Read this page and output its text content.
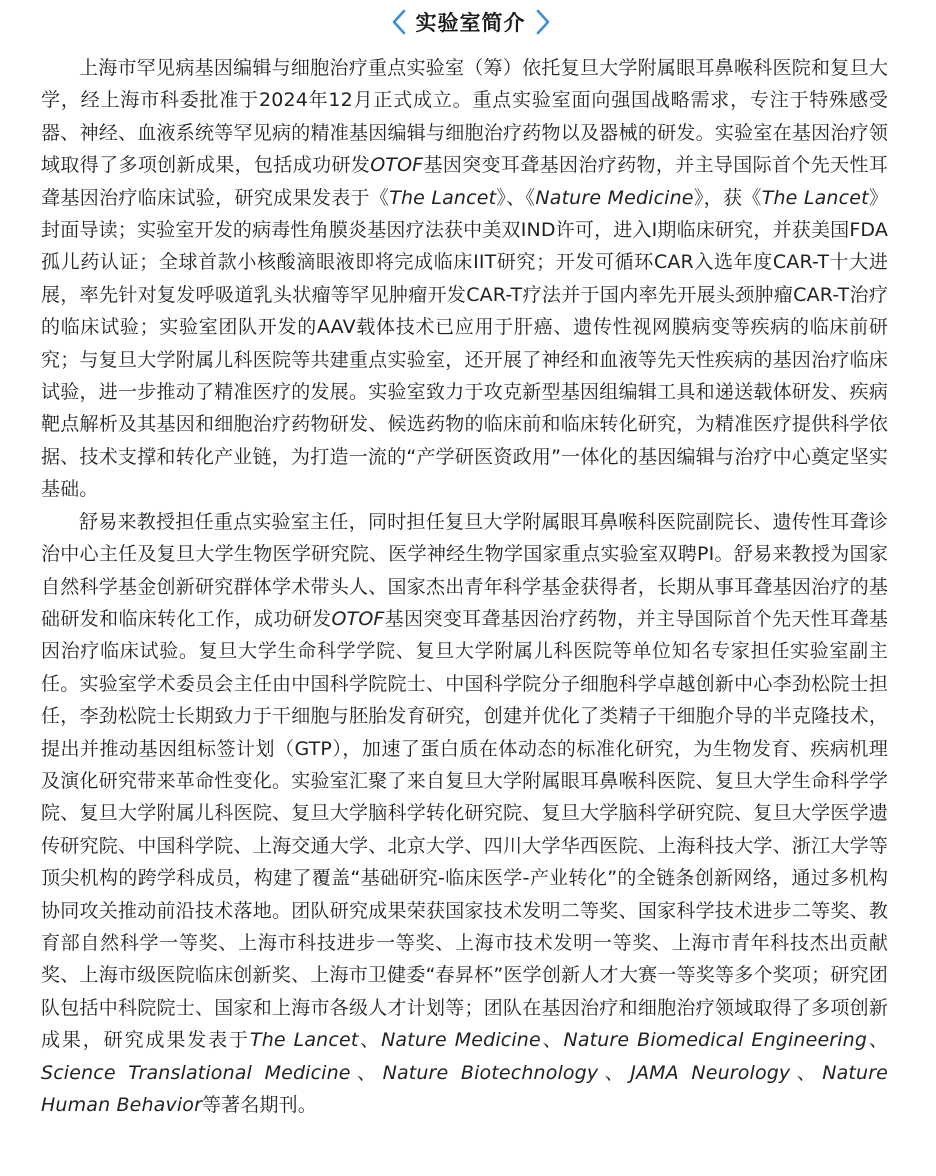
实验室简介

上海市罕见病基因编辑与细胞治疗重点实验室（筹）依托复旦大学附属眼耳鼻喉科医院和复旦大学，经上海市科委批准于2024年12月正式成立。重点实验室面向强国战略需求，专注于特殊感受器、神经、血液系统等罕见病的精准基因编辑与细胞治疗药物以及器械的研发。实验室在基因治疗领域取得了多项创新成果，包括成功研发OTOF基因突变耳聋基因治疗药物，并主导国际首个先天性耳聋基因治疗临床试验，研究成果发表于《The Lancet》、《Nature Medicine》，获《The Lancet》封面导读；实验室开发的病毒性角膜炎基因疗法获中美双IND许可，进入I期临床研究，并获美国FDA孤儿药认证；全球首款小核酸滴眼液即将完成临床IIT研究；开发可循环CAR入选年度CAR-T十大进展，率先针对复发呼吸道乳头状瘤等罕见肿瘤开发CAR-T疗法并于国内率先开展头颈肿瘤CAR-T治疗的临床试验；实验室团队开发的AAV载体技术已应用于肝癌、遗传性视网膜病变等疾病的临床前研究；与复旦大学附属儿科医院等共建重点实验室，还开展了神经和血液等先天性疾病的基因治疗临床试验，进一步推动了精准医疗的发展。实验室致力于攻克新型基因组编辑工具和递送载体研发、疾病靶点解析及其基因和细胞治疗药物研发、候选药物的临床前和临床转化研究，为精准医疗提供科学依据、技术支撑和转化产业链，为打造一流的“产学研医资政用”一体化的基因编辑与治疗中心奠定坚实基础。

舒易来教授担任重点实验室主任，同时担任复旦大学附属眼耳鼻喉科医院副院长、遗传性耳聋诊治中心主任及复旦大学生物医学研究院、医学神经生物学国家重点实验室双聘PI。舒易来教授为国家自然科学基金创新研究群体学术带头人、国家杰出青年科学基金获得者，长期从事耳聋基因治疗的基础研发和临床转化工作，成功研发OTOF基因突变耳聋基因治疗药物，并主导国际首个先天性耳聋基因治疗临床试验。复旦大学生命科学学院、复旦大学附属儿科医院等单位知名专家担任实验室副主任。实验室学术委员会主任由中国科学院院士、中国科学院分子细胞科学卓越创新中心李劲松院士担任，李劲松院士长期致力于干细胞与胚胎发育研究，创建并优化了类精子干细胞介导的半克隆技术，提出并推动基因组标签计划（GTP），加速了蛋白质在体动态的标准化研究，为生物发育、疾病机理及演化研究带来革命性变化。实验室汇聚了来自复旦大学附属眼耳鼻喉科医院、复旦大学生命科学学院、复旦大学附属儿科医院、复旦大学脑科学转化研究院、复旦大学脑科学研究院、复旦大学医学遗传研究院、中国科学院、上海交通大学、北京大学、四川大学华西医院、上海科技大学、浙江大学等顶尖机构的跨学科成员，构建了覆盖“基础研究-临床医学-产业转化”的全链条创新网络，通过多机构协同攻关推动前沿技术落地。团队研究成果荣获国家技术发明二等奖、国家科学技术进步二等奖、教育部自然科学一等奖、上海市科技进步一等奖、上海市技术发明一等奖、上海市青年科技杰出贡献奖、上海市级医院临床创新奖、上海市卫健委“春昇杯”医学创新人才大赛一等奖等多个奖项；研究团队包括中科院院士、国家和上海市各级人才计划等；团队在基因治疗和细胞治疗领域取得了多项创新成果，研究成果发表于The Lancet、Nature Medicine、Nature Biomedical Engineering、Science Translational Medicine、Nature Biotechnology、JAMA Neurology、Nature Human Behavior等著名期刊。
